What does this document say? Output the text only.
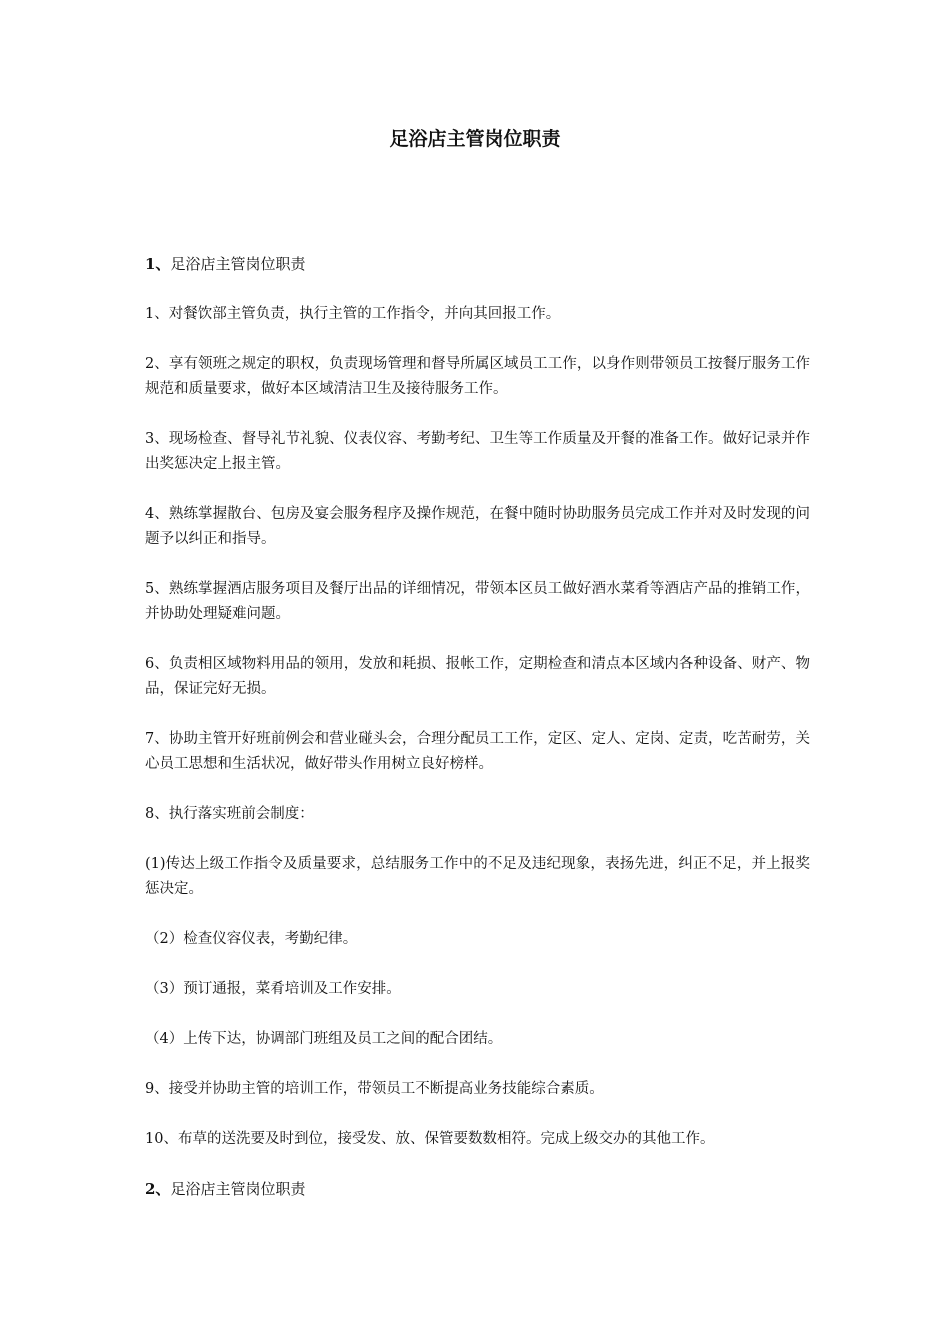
足浴店主管岗位职责
1、足浴店主管岗位职责

1、对餐饮部主管负责，执行主管的工作指令，并向其回报工作。

2、享有领班之规定的职权，负责现场管理和督导所属区域员工工作，以身作则带领员工按餐厅服务工作规范和质量要求，做好本区域清洁卫生及接待服务工作。

3、现场检查、督导礼节礼貌、仪表仪容、考勤考纪、卫生等工作质量及开餐的准备工作。做好记录并作出奖惩决定上报主管。

4、熟练掌握散台、包房及宴会服务程序及操作规范，在餐中随时协助服务员完成工作并对及时发现的问题予以纠正和指导。

5、熟练掌握酒店服务项目及餐厅出品的详细情况，带领本区员工做好酒水菜肴等酒店产品的推销工作，并协助处理疑难问题。

6、负责相区域物料用品的领用，发放和耗损、报帐工作，定期检查和清点本区域内各种设备、财产、物品，保证完好无损。

7、协助主管开好班前例会和营业碰头会，合理分配员工工作，定区、定人、定岗、定责，吃苦耐劳，关心员工思想和生活状况，做好带头作用树立良好榜样。

8、执行落实班前会制度：

(1)传达上级工作指令及质量要求，总结服务工作中的不足及违纪现象，表扬先进，纠正不足，并上报奖惩决定。

（2）检查仪容仪表，考勤纪律。

（3）预订通报，菜肴培训及工作安排。

（4）上传下达，协调部门班组及员工之间的配合团结。

9、接受并协助主管的培训工作，带领员工不断提高业务技能综合素质。

10、布草的送洗要及时到位，接受发、放、保管要数数相符。完成上级交办的其他工作。

2、足浴店主管岗位职责
